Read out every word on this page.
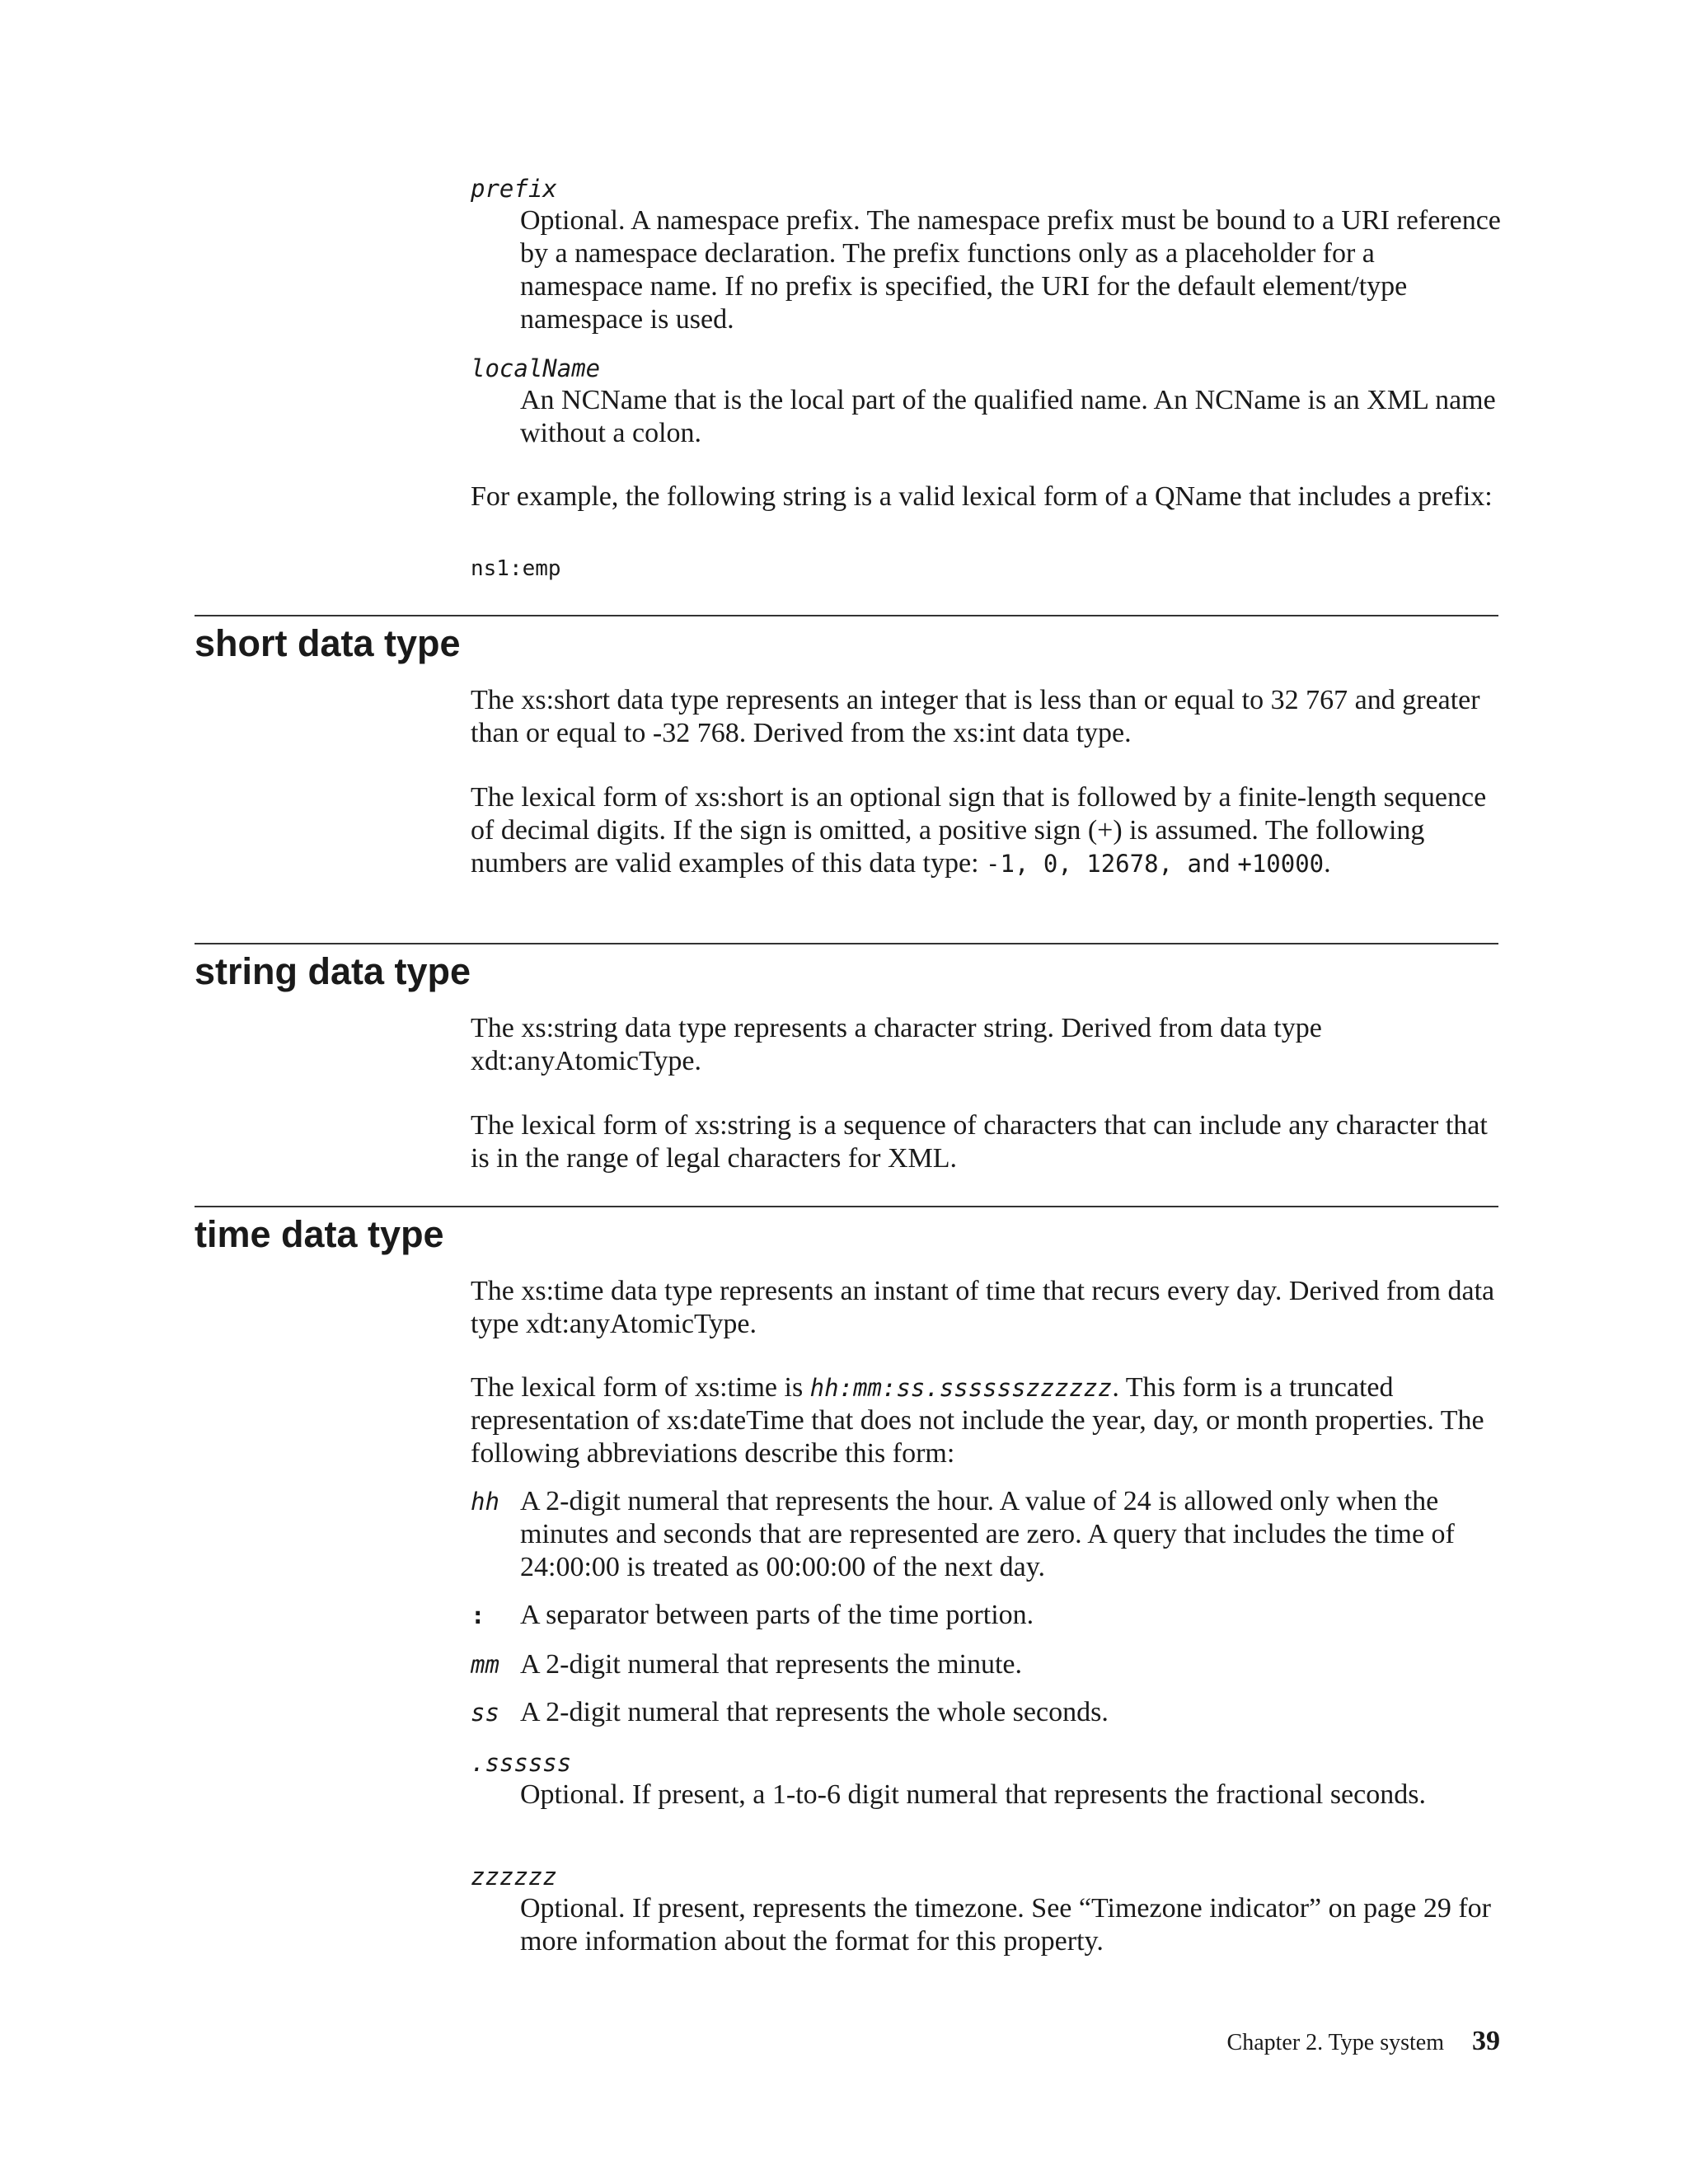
prefix
Optional. A namespace prefix. The namespace prefix must be bound to a URI reference by a namespace declaration. The prefix functions only as a placeholder for a namespace name. If no prefix is specified, the URI for the default element/type namespace is used.
localName
An NCName that is the local part of the qualified name. An NCName is an XML name without a colon.
For example, the following string is a valid lexical form of a QName that includes a prefix:
ns1:emp
short data type
The xs:short data type represents an integer that is less than or equal to 32 767 and greater than or equal to -32 768. Derived from the xs:int data type.
The lexical form of xs:short is an optional sign that is followed by a finite-length sequence of decimal digits. If the sign is omitted, a positive sign (+) is assumed. The following numbers are valid examples of this data type: -1, 0, 12678, and +10000.
string data type
The xs:string data type represents a character string. Derived from data type xdt:anyAtomicType.
The lexical form of xs:string is a sequence of characters that can include any character that is in the range of legal characters for XML.
time data type
The xs:time data type represents an instant of time that recurs every day. Derived from data type xdt:anyAtomicType.
The lexical form of xs:time is hh:mm:ss.sssssszzzzzz. This form is a truncated representation of xs:dateTime that does not include the year, day, or month properties. The following abbreviations describe this form:
hh A 2-digit numeral that represents the hour. A value of 24 is allowed only when the minutes and seconds that are represented are zero. A query that includes the time of 24:00:00 is treated as 00:00:00 of the next day.
: A separator between parts of the time portion.
mm A 2-digit numeral that represents the minute.
ss A 2-digit numeral that represents the whole seconds.
.ssssss
Optional. If present, a 1-to-6 digit numeral that represents the fractional seconds.
zzzzzz
Optional. If present, represents the timezone. See “Timezone indicator” on page 29 for more information about the format for this property.
Chapter 2. Type system 39
